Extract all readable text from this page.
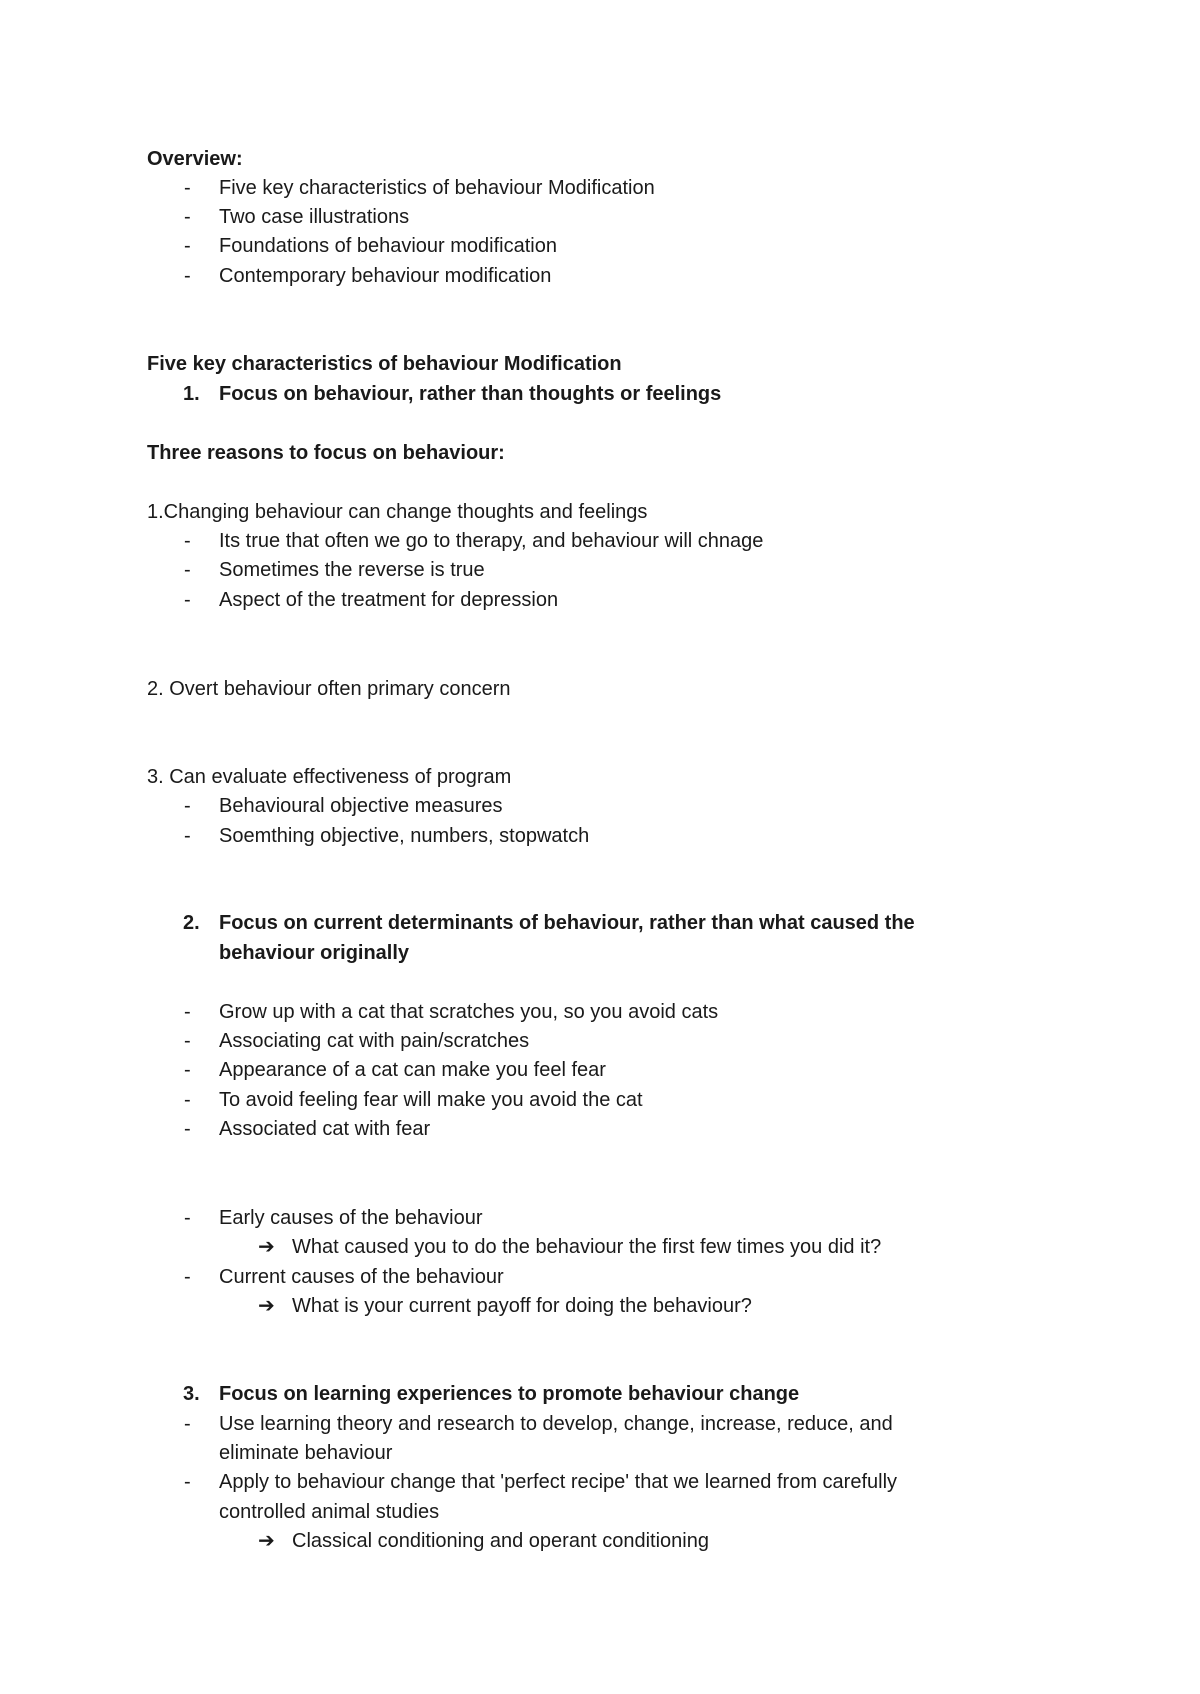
Overview:
- Five key characteristics of behaviour Modification
- Two case illustrations
- Foundations of behaviour modification
- Contemporary behaviour modification
Five key characteristics of behaviour Modification
1. Focus on behaviour, rather than thoughts or feelings
Three reasons to focus on behaviour:
1.Changing behaviour can change thoughts and feelings
- Its true that often we go to therapy, and behaviour will chnage
- Sometimes the reverse is true
- Aspect of the treatment for depression
2. Overt behaviour often primary concern
3. Can evaluate effectiveness of program
- Behavioural objective measures
- Soemthing objective, numbers, stopwatch
2. Focus on current determinants of behaviour, rather than what caused the
behaviour originally
- Grow up with a cat that scratches you, so you avoid cats
- Associating cat with pain/scratches
- Appearance of a cat can make you feel fear
- To avoid feeling fear will make you avoid the cat
- Associated cat with fear
- Early causes of the behaviour
➔ What caused you to do the behaviour the first few times you did it?
- Current causes of the behaviour
➔ What is your current payoff for doing the behaviour?
3. Focus on learning experiences to promote behaviour change
- Use learning theory and research to develop, change, increase, reduce, and
eliminate behaviour
- Apply to behaviour change that 'perfect recipe' that we learned from carefully
controlled animal studies
➔ Classical conditioning and operant conditioning
